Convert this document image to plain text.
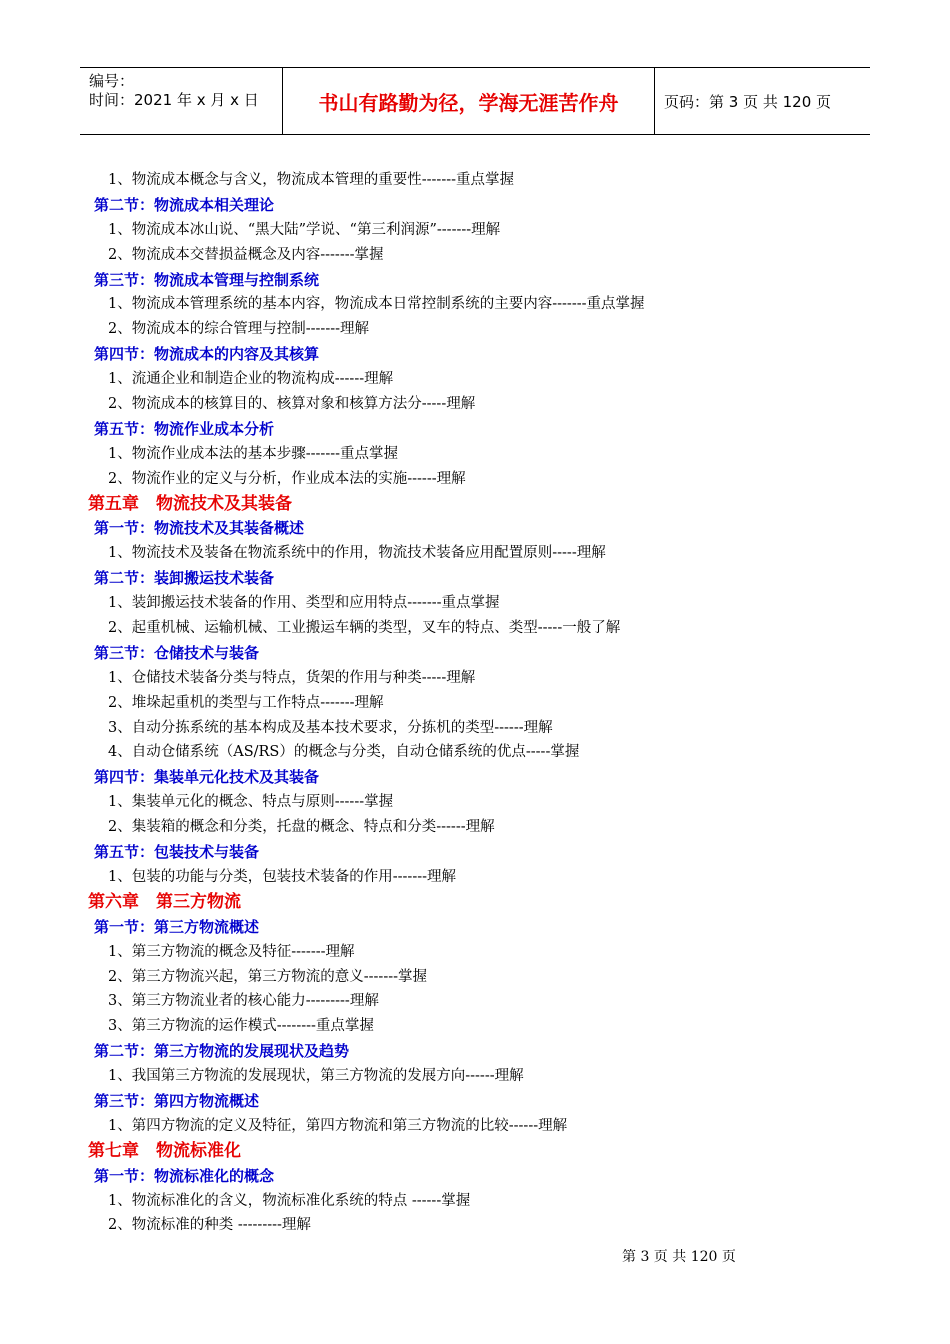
编号：
时间：2021 年 x 月 x 日	书山有路勤为径，学海无涯苦作舟	页码：第 3 页 共 120 页
1、物流成本概念与含义，物流成本管理的重要性-------重点掌握
第二节：物流成本相关理论
1、物流成本冰山说、“黑大陆”学说、“第三利润源”-------理解
2、物流成本交替损益概念及内容-------掌握
第三节：物流成本管理与控制系统
1、物流成本管理系统的基本内容，物流成本日常控制系统的主要内容-------重点掌握
2、物流成本的综合管理与控制-------理解
第四节：物流成本的内容及其核算
1、流通企业和制造企业的物流构成------理解
2、物流成本的核算目的、核算对象和核算方法分-----理解
第五节：物流作业成本分析
1、物流作业成本法的基本步骤-------重点掌握
2、物流作业的定义与分析，作业成本法的实施------理解
第五章　物流技术及其装备
第一节：物流技术及其装备概述
1、物流技术及装备在物流系统中的作用，物流技术装备应用配置原则-----理解
第二节：装卸搬运技术装备
1、装卸搬运技术装备的作用、类型和应用特点-------重点掌握
2、起重机械、运输机械、工业搬运车辆的类型，叉车的特点、类型-----一般了解
第三节：仓储技术与装备
1、仓储技术装备分类与特点，货架的作用与种类-----理解
2、堆垛起重机的类型与工作特点-------理解
3、自动分拣系统的基本构成及基本技术要求，分拣机的类型------理解
4、自动仓储系统（AS/RS）的概念与分类，自动仓储系统的优点-----掌握
第四节：集装单元化技术及其装备
1、集装单元化的概念、特点与原则------掌握
2、集装箱的概念和分类，托盘的概念、特点和分类------理解
第五节：包装技术与装备
1、包装的功能与分类，包装技术装备的作用-------理解
第六章　第三方物流
第一节：第三方物流概述
1、第三方物流的概念及特征-------理解
2、第三方物流兴起，第三方物流的意义-------掌握
3、第三方物流业者的核心能力---------理解
3、第三方物流的运作模式--------重点掌握
第二节：第三方物流的发展现状及趋势
1、我国第三方物流的发展现状，第三方物流的发展方向------理解
第三节：第四方物流概述
1、第四方物流的定义及特征，第四方物流和第三方物流的比较------理解
第七章　物流标准化
第一节：物流标准化的概念
1、物流标准化的含义，物流标准化系统的特点 ------掌握
2、物流标准的种类 ---------理解
第 3 页 共 120 页
